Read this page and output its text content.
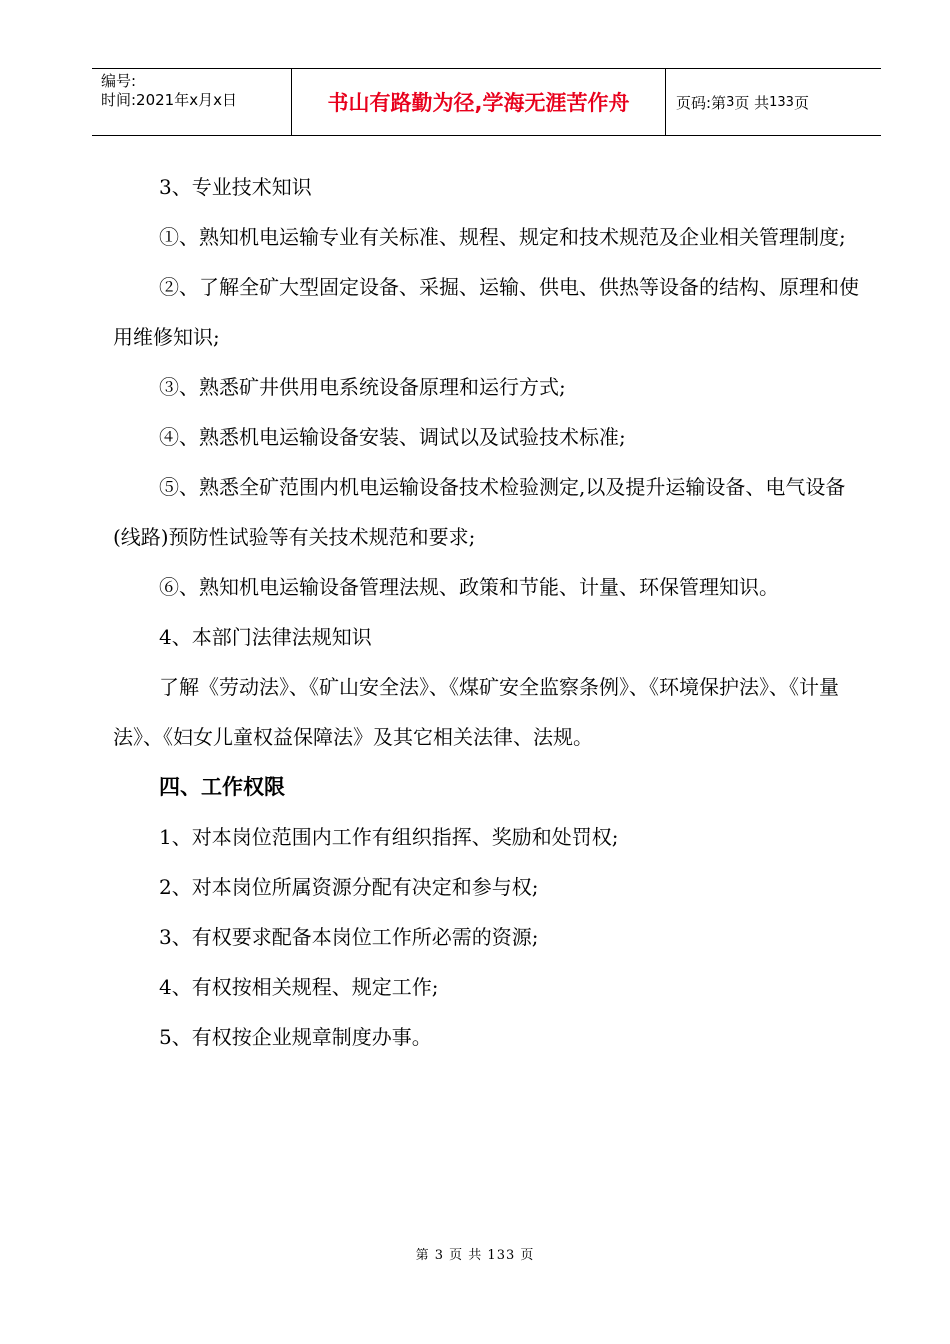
编号:
时间:2021年x月x日	书山有路勤为径,学海无涯苦作舟	页码:第 3 页 共 133 页

3、专业技术知识

①、熟知机电运输专业有关标准、规程、规定和技术规范及企业相关管理制度;

②、了解全矿大型固定设备、采掘、运输、供电、供热等设备的结构、原理和使用维修知识;

③、熟悉矿井供用电系统设备原理和运行方式;

④、熟悉机电运输设备安装、调试以及试验技术标准;

⑤、熟悉全矿范围内机电运输设备技术检验测定,以及提升运输设备、电气设备(线路)预防性试验等有关技术规范和要求;

⑥、熟知机电运输设备管理法规、政策和节能、计量、环保管理知识。

4、本部门法律法规知识

了解《劳动法》、《矿山安全法》、《煤矿安全监察条例》、《环境保护法》、《计量法》、《妇女儿童权益保障法》及其它相关法律、法规。

四、工作权限

1、对本岗位范围内工作有组织指挥、奖励和处罚权;

2、对本岗位所属资源分配有决定和参与权;

3、有权要求配备本岗位工作所必需的资源;

4、有权按相关规程、规定工作;

5、有权按企业规章制度办事。

第 3 页 共 133 页
